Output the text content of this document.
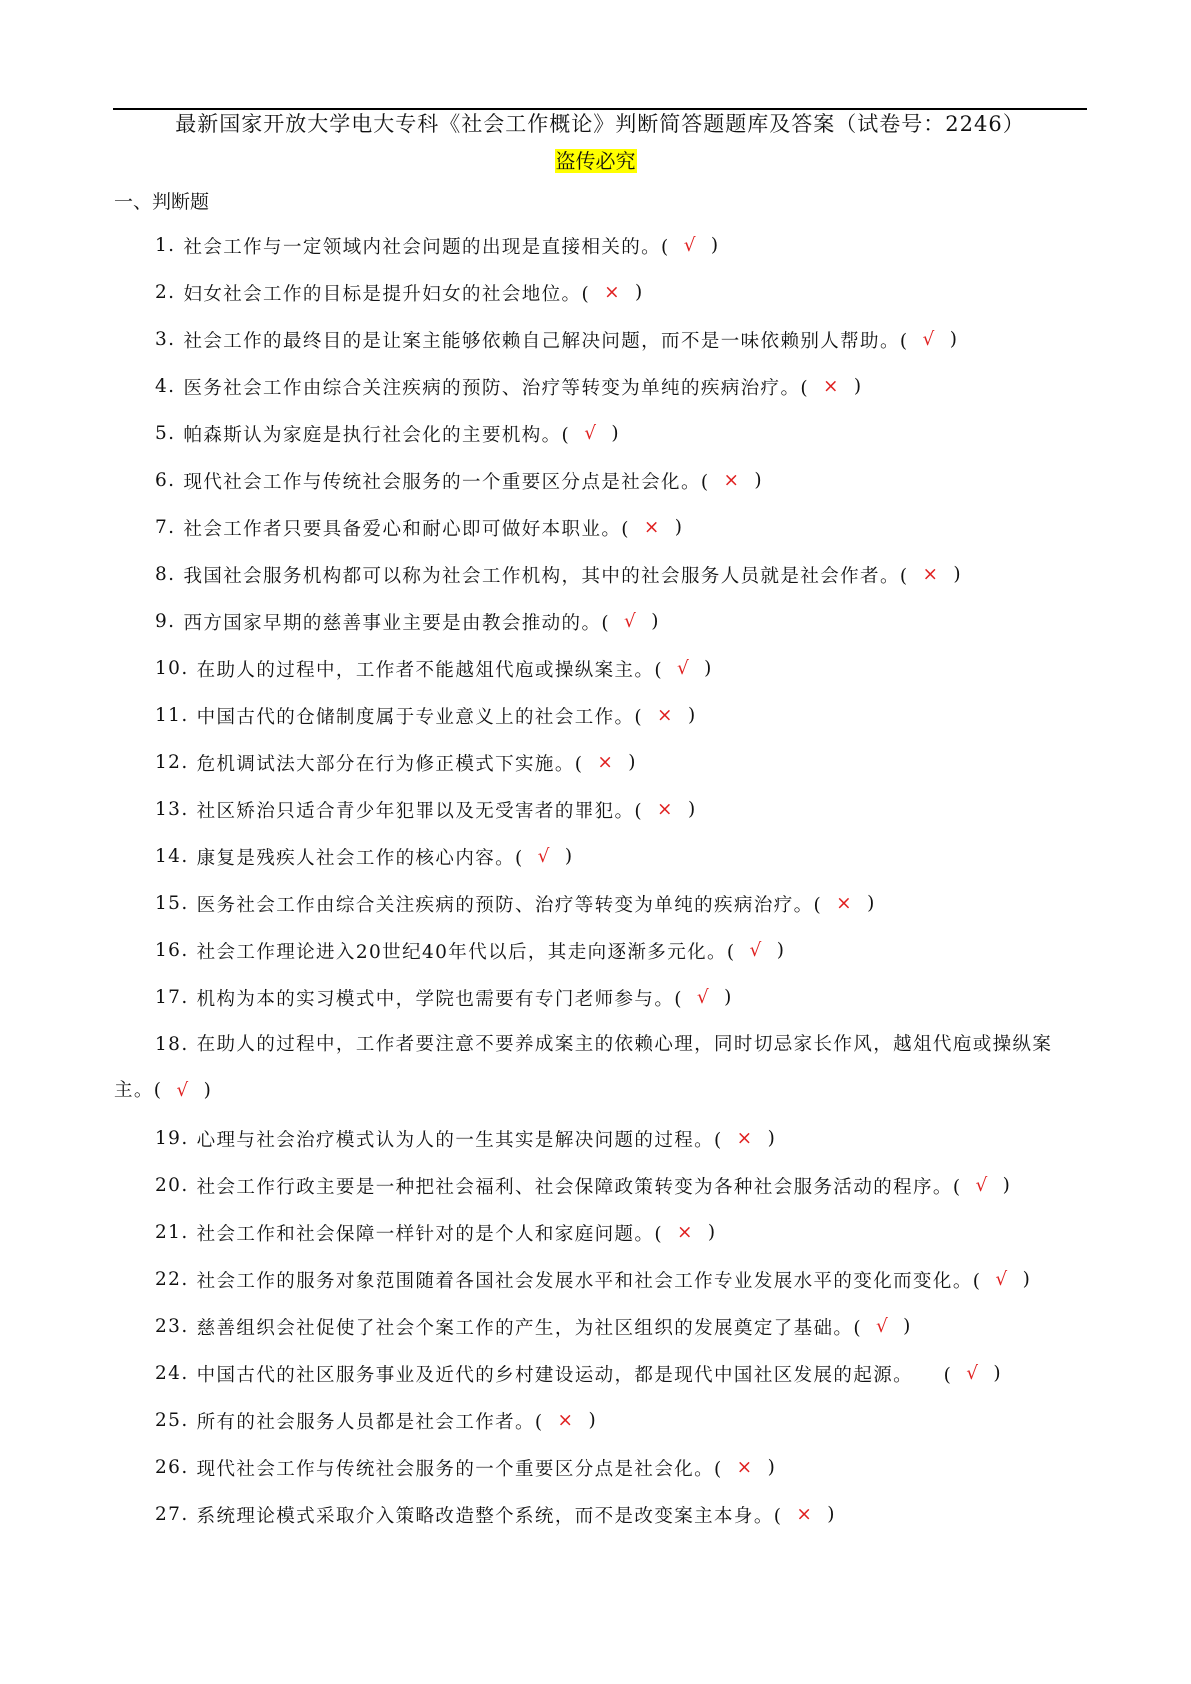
最新国家开放大学电大专科《社会工作概论》判断简答题题库及答案（试卷号：2246）
盗传必究
一、判断题
1. 社会工作与一定领域内社会问题的出现是直接相关的。( √ )
2. 妇女社会工作的目标是提升妇女的社会地位。( × )
3. 社会工作的最终目的是让案主能够依赖自己解决问题，而不是一味依赖别人帮助。( √ )
4. 医务社会工作由综合关注疾病的预防、治疗等转变为单纯的疾病治疗。( × )
5. 帕森斯认为家庭是执行社会化的主要机构。( √ )
6. 现代社会工作与传统社会服务的一个重要区分点是社会化。( × )
7. 社会工作者只要具备爱心和耐心即可做好本职业。( × )
8. 我国社会服务机构都可以称为社会工作机构，其中的社会服务人员就是社会作者。( × )
9. 西方国家早期的慈善事业主要是由教会推动的。( √ )
10. 在助人的过程中，工作者不能越俎代庖或操纵案主。( √ )
11. 中国古代的仓储制度属于专业意义上的社会工作。( × )
12. 危机调试法大部分在行为修正模式下实施。( × )
13. 社区矫治只适合青少年犯罪以及无受害者的罪犯。( × )
14. 康复是残疾人社会工作的核心内容。( √ )
15. 医务社会工作由综合关注疾病的预防、治疗等转变为单纯的疾病治疗。( × )
16. 社会工作理论进入20世纪40年代以后，其走向逐渐多元化。( √ )
17. 机构为本的实习模式中，学院也需要有专门老师参与。( √ )
18. 在助人的过程中，工作者要注意不要养成案主的依赖心理，同时切忌家长作风，越俎代庖或操纵案主。( √ )
19. 心理与社会治疗模式认为人的一生其实是解决问题的过程。( × )
20. 社会工作行政主要是一种把社会福利、社会保障政策转变为各种社会服务活动的程序。( √ )
21. 社会工作和社会保障一样针对的是个人和家庭问题。( × )
22. 社会工作的服务对象范围随着各国社会发展水平和社会工作专业发展水平的变化而变化。( √ )
23. 慈善组织会社促使了社会个案工作的产生，为社区组织的发展奠定了基础。( √ )
24. 中国古代的社区服务事业及近代的乡村建设运动，都是现代中国社区发展的起源。　　( √ )
25. 所有的社会服务人员都是社会工作者。( × )
26. 现代社会工作与传统社会服务的一个重要区分点是社会化。( × )
27. 系统理论模式采取介入策略改造整个系统，而不是改变案主本身。( × )
